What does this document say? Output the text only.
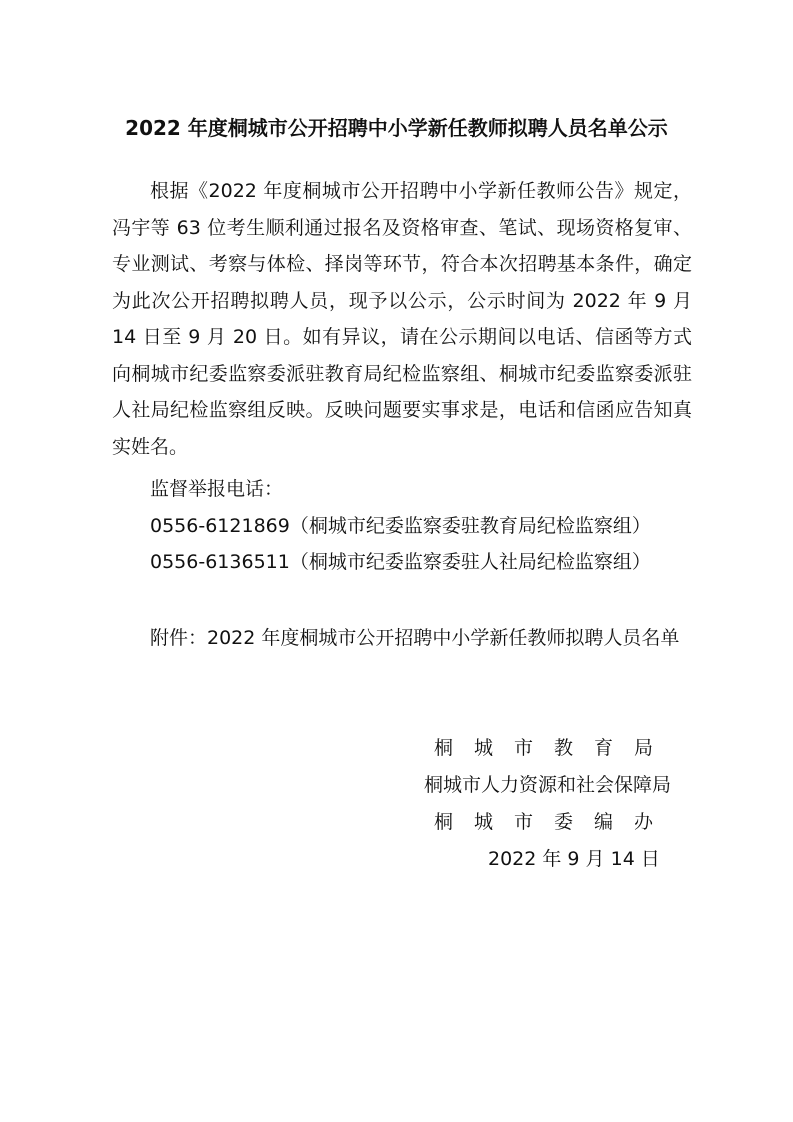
2022 年度桐城市公开招聘中小学新任教师拟聘人员名单公示

根据《2022 年度桐城市公开招聘中小学新任教师公告》规定，冯宇等 63 位考生顺利通过报名及资格审查、笔试、现场资格复审、专业测试、考察与体检、择岗等环节，符合本次招聘基本条件，确定为此次公开招聘拟聘人员，现予以公示，公示时间为 2022 年 9 月 14 日至 9 月 20 日。如有异议，请在公示期间以电话、信函等方式向桐城市纪委监察委派驻教育局纪检监察组、桐城市纪委监察委派驻人社局纪检监察组反映。反映问题要实事求是，电话和信函应告知真实姓名。

监督举报电话：

0556-6121869（桐城市纪委监察委驻教育局纪检监察组）

0556-6136511（桐城市纪委监察委驻人社局纪检监察组）

附件：2022 年度桐城市公开招聘中小学新任教师拟聘人员名单

桐城市教育局

桐城市人力资源和社会保障局

桐城市委编办

2022 年 9 月 14 日
